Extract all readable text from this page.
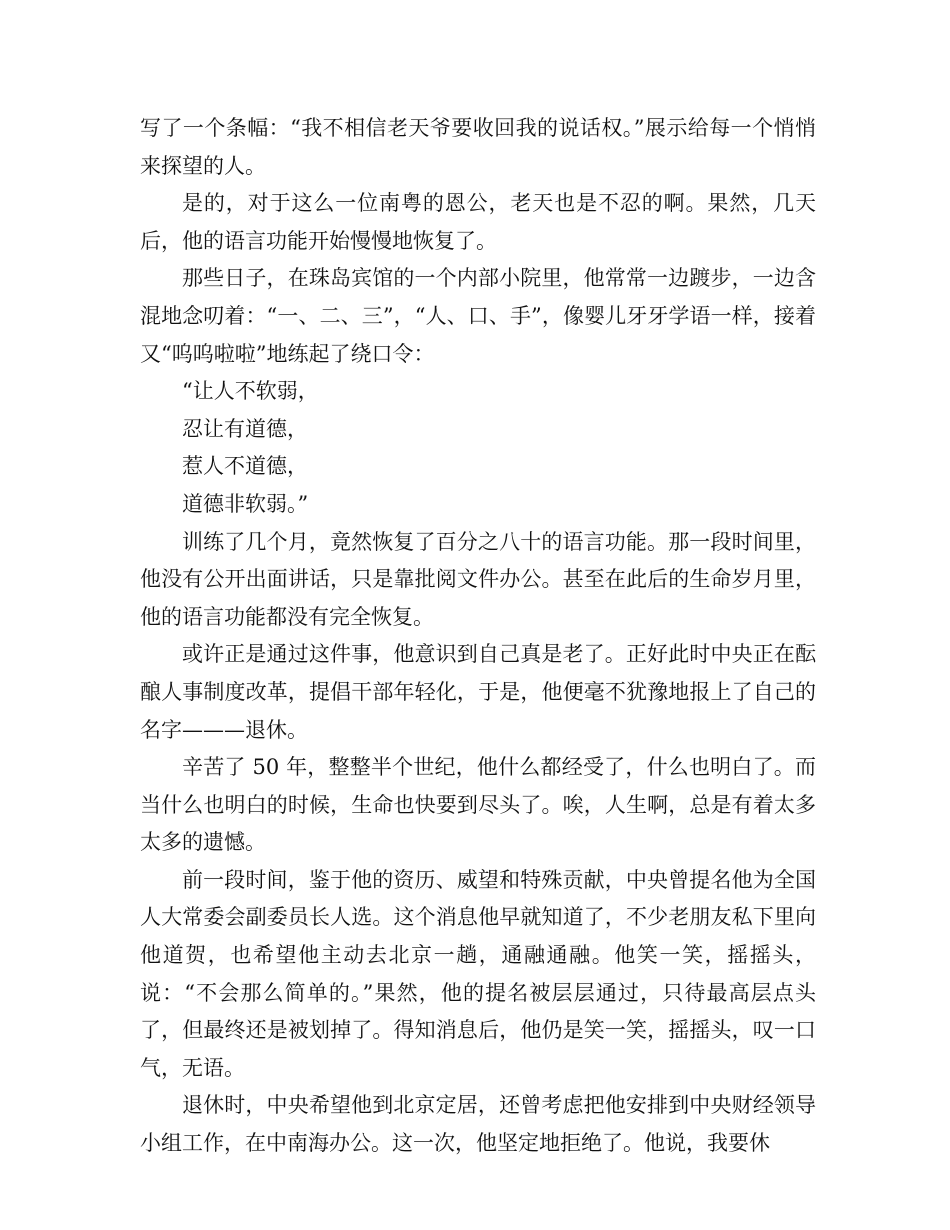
写了一个条幅：“我不相信老天爷要收回我的说话权。”展示给每一个悄悄来探望的人。

是的，对于这么一位南粤的恩公，老天也是不忍的啊。果然，几天后，他的语言功能开始慢慢地恢复了。

那些日子，在珠岛宾馆的一个内部小院里，他常常一边踱步，一边含混地念叨着：“一、二、三”，“人、口、手”，像婴儿牙牙学语一样，接着又“呜呜啦啦”地练起了绕口令：

“让人不软弱，

忍让有道德，

惹人不道德，

道德非软弱。”

训练了几个月，竟然恢复了百分之八十的语言功能。那一段时间里，他没有公开出面讲话，只是靠批阅文件办公。甚至在此后的生命岁月里，他的语言功能都没有完全恢复。

或许正是通过这件事，他意识到自己真是老了。正好此时中央正在酝酿人事制度改革，提倡干部年轻化，于是，他便毫不犹豫地报上了自己的名字———退休。

辛苦了 50 年，整整半个世纪，他什么都经受了，什么也明白了。而当什么也明白的时候，生命也快要到尽头了。唉，人生啊，总是有着太多太多的遗憾。

前一段时间，鉴于他的资历、威望和特殊贡献，中央曾提名他为全国人大常委会副委员长人选。这个消息他早就知道了，不少老朋友私下里向他道贺，也希望他主动去北京一趟，通融通融。他笑一笑，摇摇头，说：“不会那么简单的。”果然，他的提名被层层通过，只待最高层点头了，但最终还是被划掉了。得知消息后，他仍是笑一笑，摇摇头，叹一口气，无语。

退休时，中央希望他到北京定居，还曾考虑把他安排到中央财经领导小组工作，在中南海办公。这一次，他坚定地拒绝了。他说，我要休
